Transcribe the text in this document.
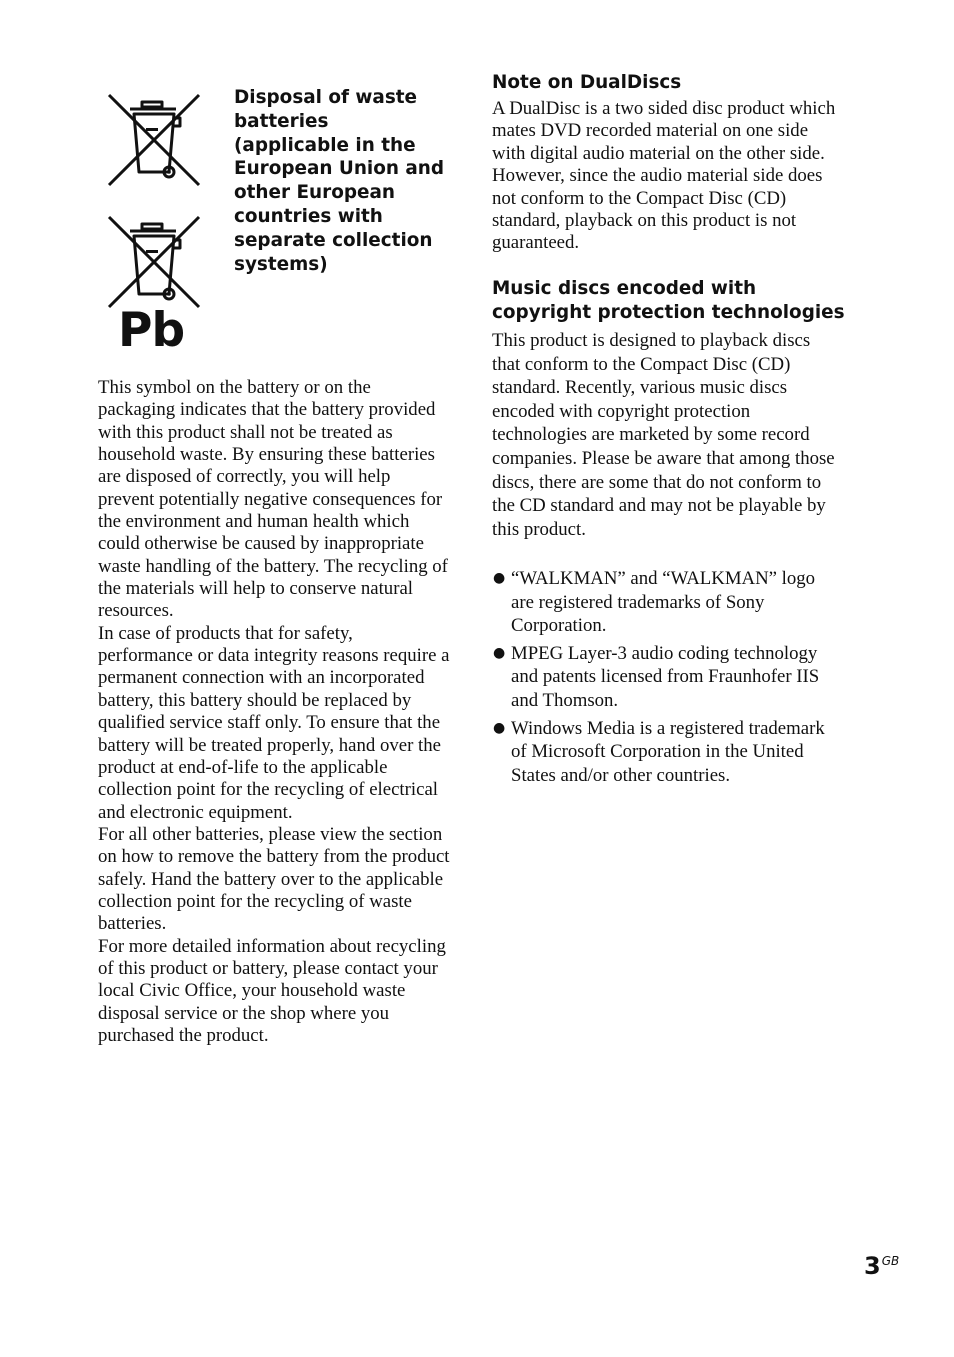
Pb
Disposal of waste batteries (applicable in the European Union and other European countries with separate collection systems)

This symbol on the battery or on the packaging indicates that the battery provided with this product shall not be treated as household waste. By ensuring these batteries are disposed of correctly, you will help prevent potentially negative consequences for the environment and human health which could otherwise be caused by inappropriate waste handling of the battery. The recycling of the materials will help to conserve natural resources.

In case of products that for safety, performance or data integrity reasons require a permanent connection with an incorporated battery, this battery should be replaced by qualified service staff only. To ensure that the battery will be treated properly, hand over the product at end-of-life to the applicable collection point for the recycling of electrical and electronic equipment.

For all other batteries, please view the section on how to remove the battery from the product safely. Hand the battery over to the applicable collection point for the recycling of waste batteries.

For more detailed information about recycling of this product or battery, please contact your local Civic Office, your household waste disposal service or the shop where you purchased the product.

Note on DualDiscs

A DualDisc is a two sided disc product which mates DVD recorded material on one side with digital audio material on the other side. However, since the audio material side does not conform to the Compact Disc (CD) standard, playback on this product is not guaranteed.

Music discs encoded with copyright protection technologies

This product is designed to playback discs that conform to the Compact Disc (CD) standard. Recently, various music discs encoded with copyright protection technologies are marketed by some record companies. Please be aware that among those discs, there are some that do not conform to the CD standard and may not be playable by this product.

● “WALKMAN” and “WALKMAN” logo are registered trademarks of Sony Corporation.
● MPEG Layer-3 audio coding technology and patents licensed from Fraunhofer IIS and Thomson.
● Windows Media is a registered trademark of Microsoft Corporation in the United States and/or other countries.
$3^{GB}$
